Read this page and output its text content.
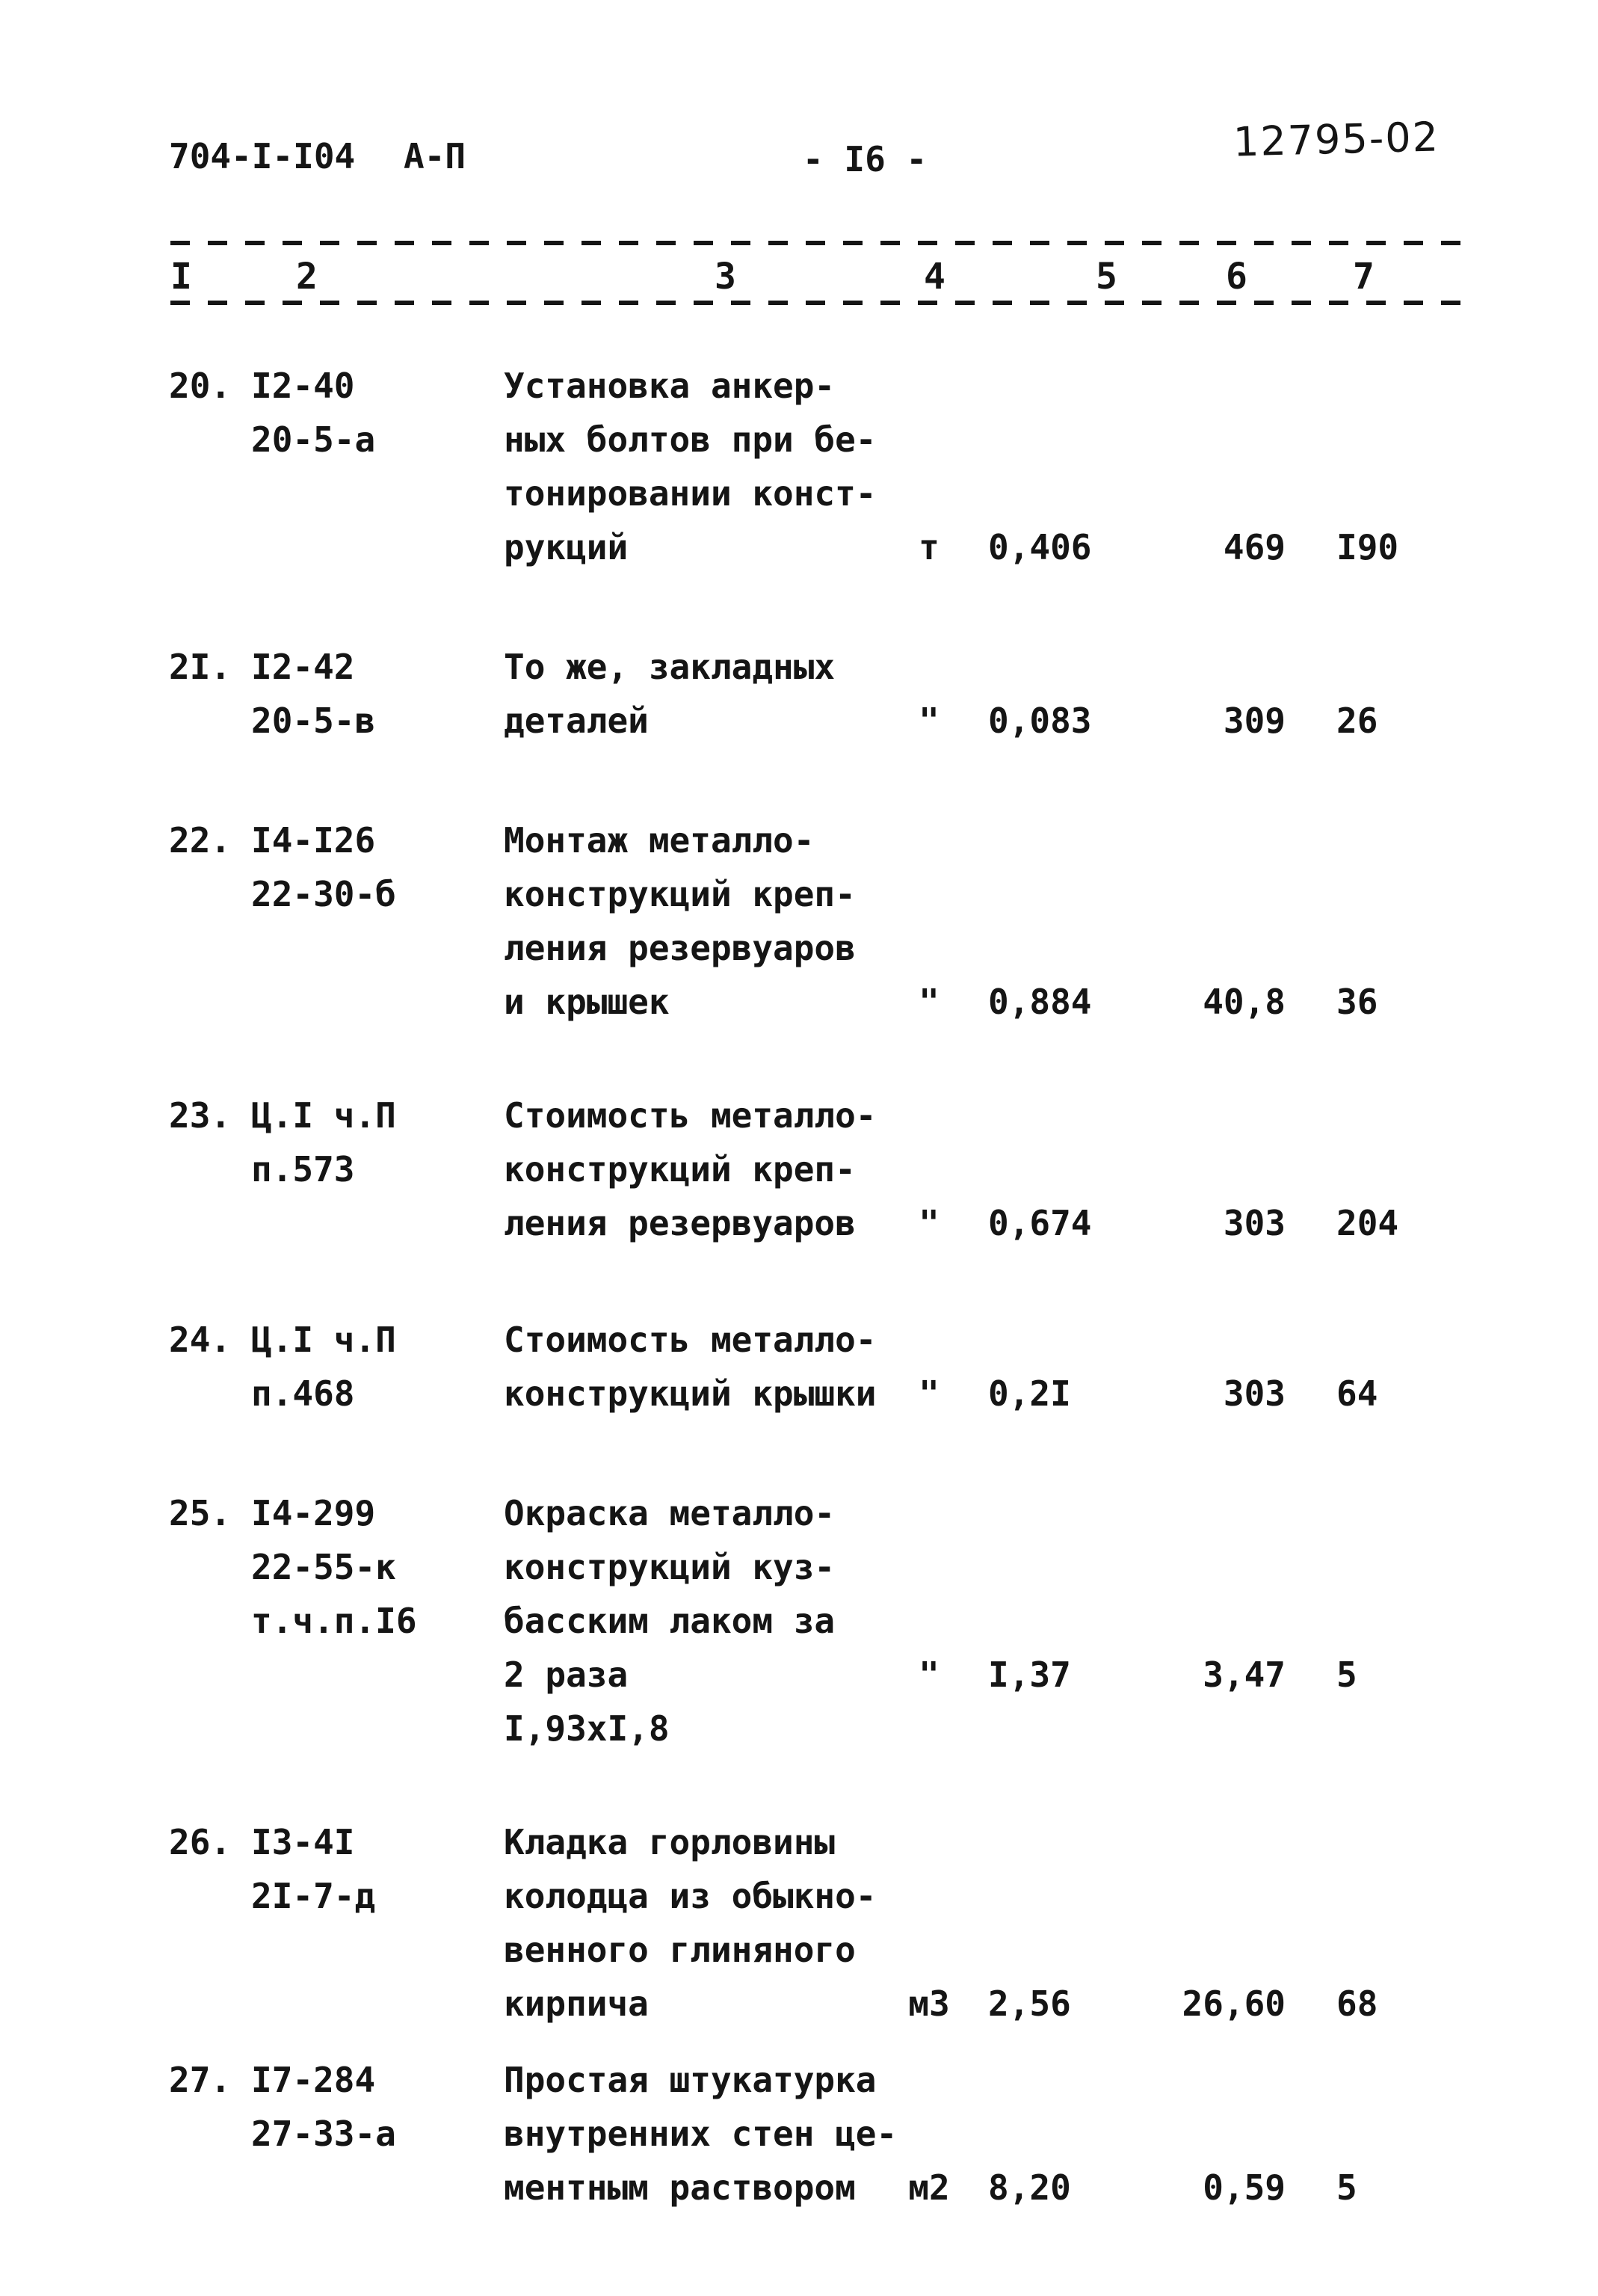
704-I-I04 А-П	- I6 -	12795-02
I	2	3	4	5	6	7
20. I2-40
20-5-а
Установка анкер-
ных болтов при бе-
тонировании конст-
рукций	т	0,406	469 I90
2I. I2-42
20-5-в
То же, закладных
деталей	"	0,083	309 26
22. I4-I26
22-30-б
Монтаж металло-
конструкций креп-
ления резервуаров
и крышек	"	0,884	40,8 36
23. Ц.I ч.П
п.573
Стоимость металло-
конструкций креп-
ления резервуаров	"	0,674	303 204
24. Ц.I ч.П
п.468
Стоимость металло-
конструкций крышки	"	0,2I	303 64
25. I4-299
22-55-к
т.ч.п.I6
Окраска металло-
конструкций куз-
басским лаком за
2 раза
I,93хI,8
"	I,37	3,47 5
26. I3-4I
2I-7-д
Кладка горловины
колодца из обыкно-
венного глиняного
кирпича	м3 2,56	26,60 68
27. I7-284
27-33-а
Простая штукатурка
внутренних стен це-
ментным раствором	м2 8,20	0,59 5
